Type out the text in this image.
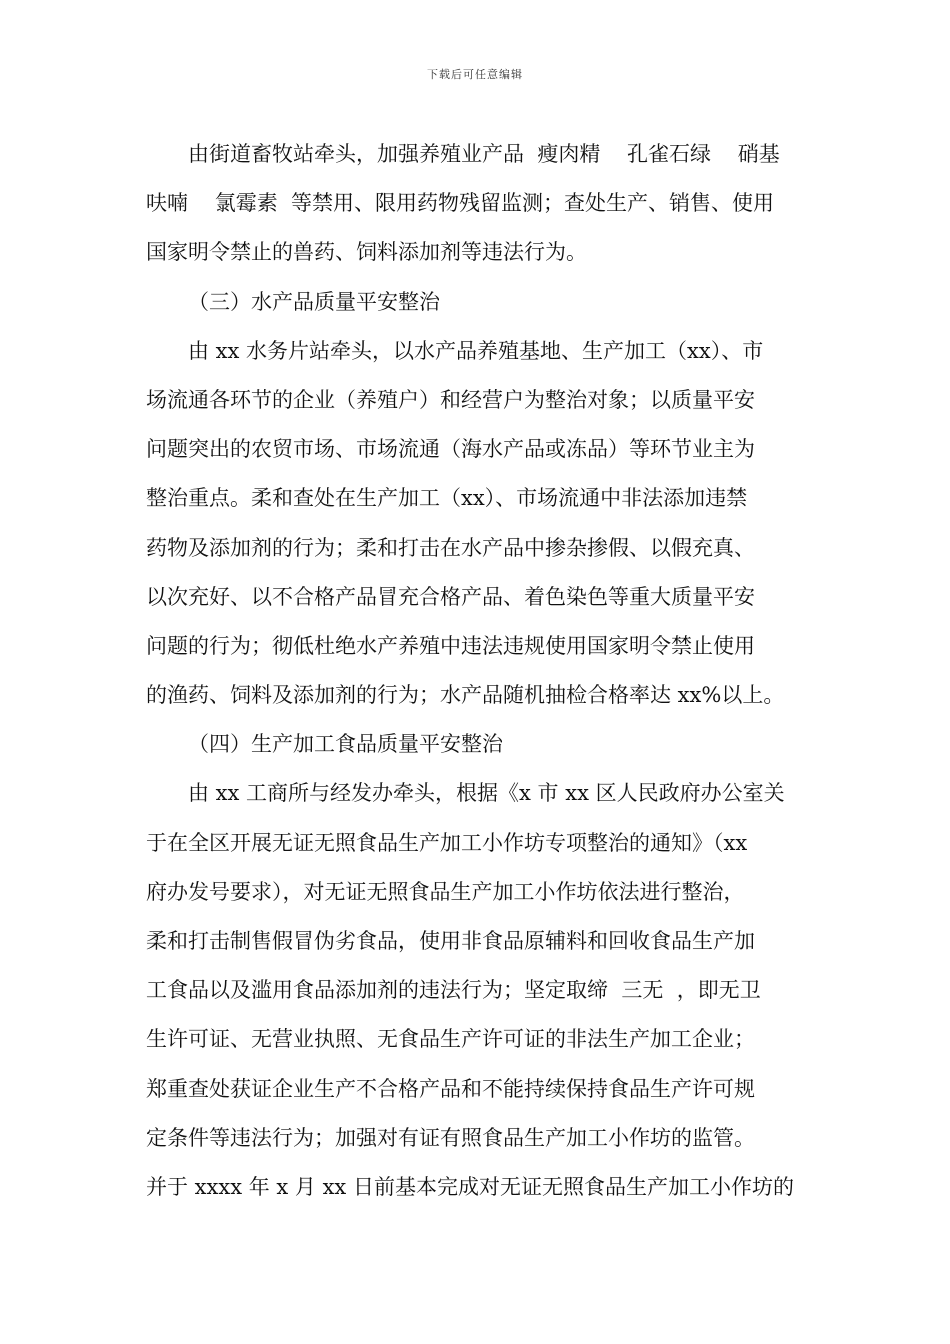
下载后可任意编辑
由街道畜牧站牵头，加强养殖业产品  瘦肉精    孔雀石绿    硝基
呋喃    氯霉素  等禁用、限用药物残留监测；查处生产、销售、使用
国家明令禁止的兽药、饲料添加剂等违法行为。
（三）水产品质量平安整治
由 xx 水务片站牵头，以水产品养殖基地、生产加工（xx）、市
场流通各环节的企业（养殖户）和经营户为整治对象；以质量平安
问题突出的农贸市场、市场流通（海水产品或冻品）等环节业主为
整治重点。柔和查处在生产加工（xx）、市场流通中非法添加违禁
药物及添加剂的行为；柔和打击在水产品中掺杂掺假、以假充真、
以次充好、以不合格产品冒充合格产品、着色染色等重大质量平安
问题的行为；彻低杜绝水产养殖中违法违规使用国家明令禁止使用
的渔药、饲料及添加剂的行为；水产品随机抽检合格率达 xx%以上。
（四）生产加工食品质量平安整治
由 xx 工商所与经发办牵头，根据《x 市 xx 区人民政府办公室关
于在全区开展无证无照食品生产加工小作坊专项整治的通知》（xx
府办发号要求），对无证无照食品生产加工小作坊依法进行整治，
柔和打击制售假冒伪劣食品，使用非食品原辅料和回收食品生产加
工食品以及滥用食品添加剂的违法行为；坚定取缔  三无  ，即无卫
生许可证、无营业执照、无食品生产许可证的非法生产加工企业；
郑重查处获证企业生产不合格产品和不能持续保持食品生产许可规
定条件等违法行为；加强对有证有照食品生产加工小作坊的监管。
并于 xxxx 年 x 月 xx 日前基本完成对无证无照食品生产加工小作坊的
